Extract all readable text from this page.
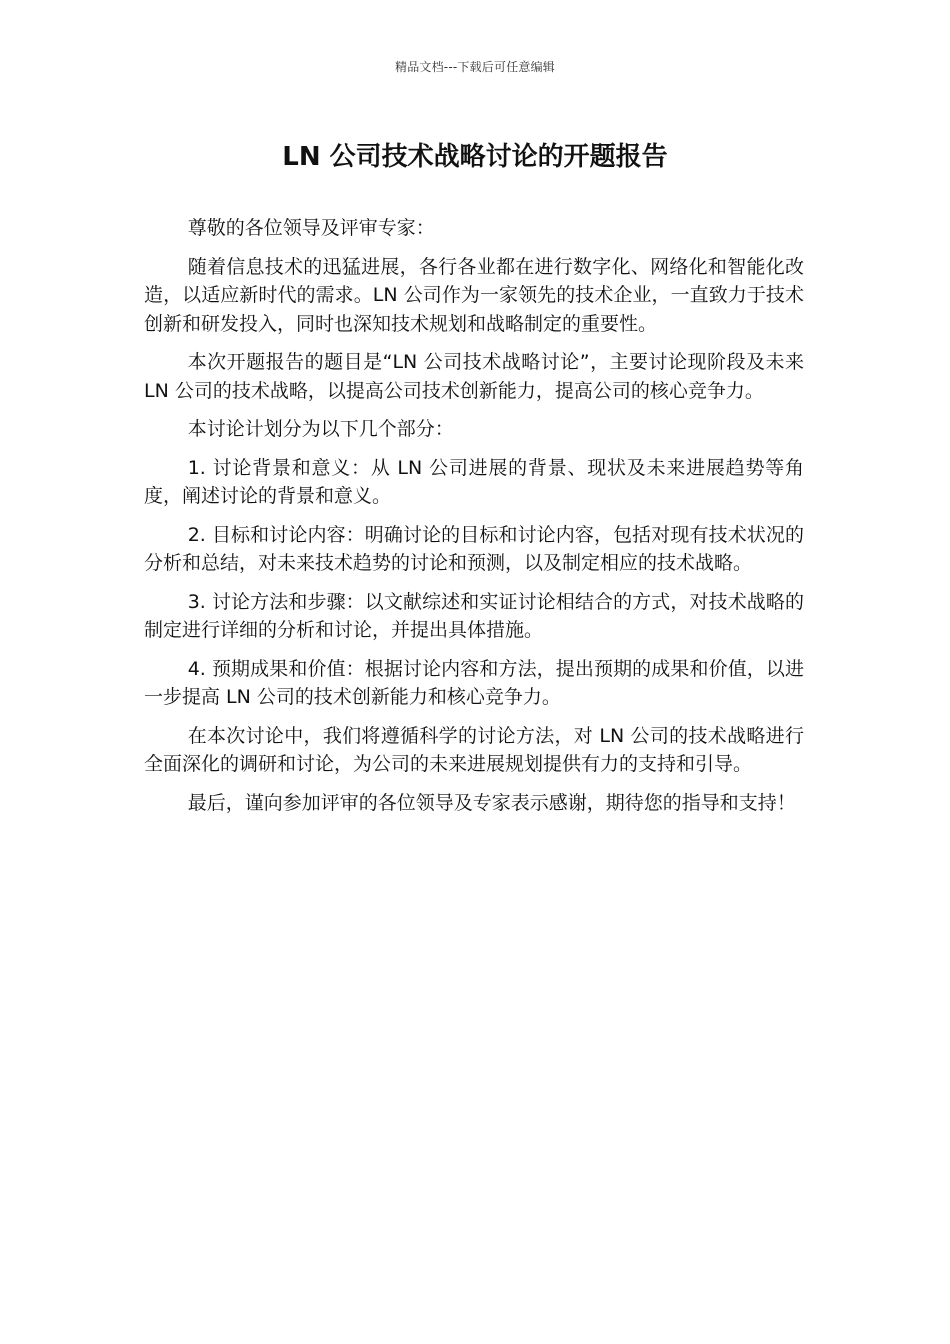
精品文档---下载后可任意编辑
LN 公司技术战略讨论的开题报告

尊敬的各位领导及评审专家：

随着信息技术的迅猛进展，各行各业都在进行数字化、网络化和智能化改造，以适应新时代的需求。LN 公司作为一家领先的技术企业，一直致力于技术创新和研发投入，同时也深知技术规划和战略制定的重要性。

本次开题报告的题目是“LN 公司技术战略讨论”，主要讨论现阶段及未来 LN 公司的技术战略，以提高公司技术创新能力，提高公司的核心竞争力。

本讨论计划分为以下几个部分：

1. 讨论背景和意义：从 LN 公司进展的背景、现状及未来进展趋势等角度，阐述讨论的背景和意义。

2. 目标和讨论内容：明确讨论的目标和讨论内容，包括对现有技术状况的分析和总结，对未来技术趋势的讨论和预测，以及制定相应的技术战略。

3. 讨论方法和步骤：以文献综述和实证讨论相结合的方式，对技术战略的制定进行详细的分析和讨论，并提出具体措施。

4. 预期成果和价值：根据讨论内容和方法，提出预期的成果和价值，以进一步提高 LN 公司的技术创新能力和核心竞争力。

在本次讨论中，我们将遵循科学的讨论方法，对 LN 公司的技术战略进行全面深化的调研和讨论，为公司的未来进展规划提供有力的支持和引导。

最后，谨向参加评审的各位领导及专家表示感谢，期待您的指导和支持！
